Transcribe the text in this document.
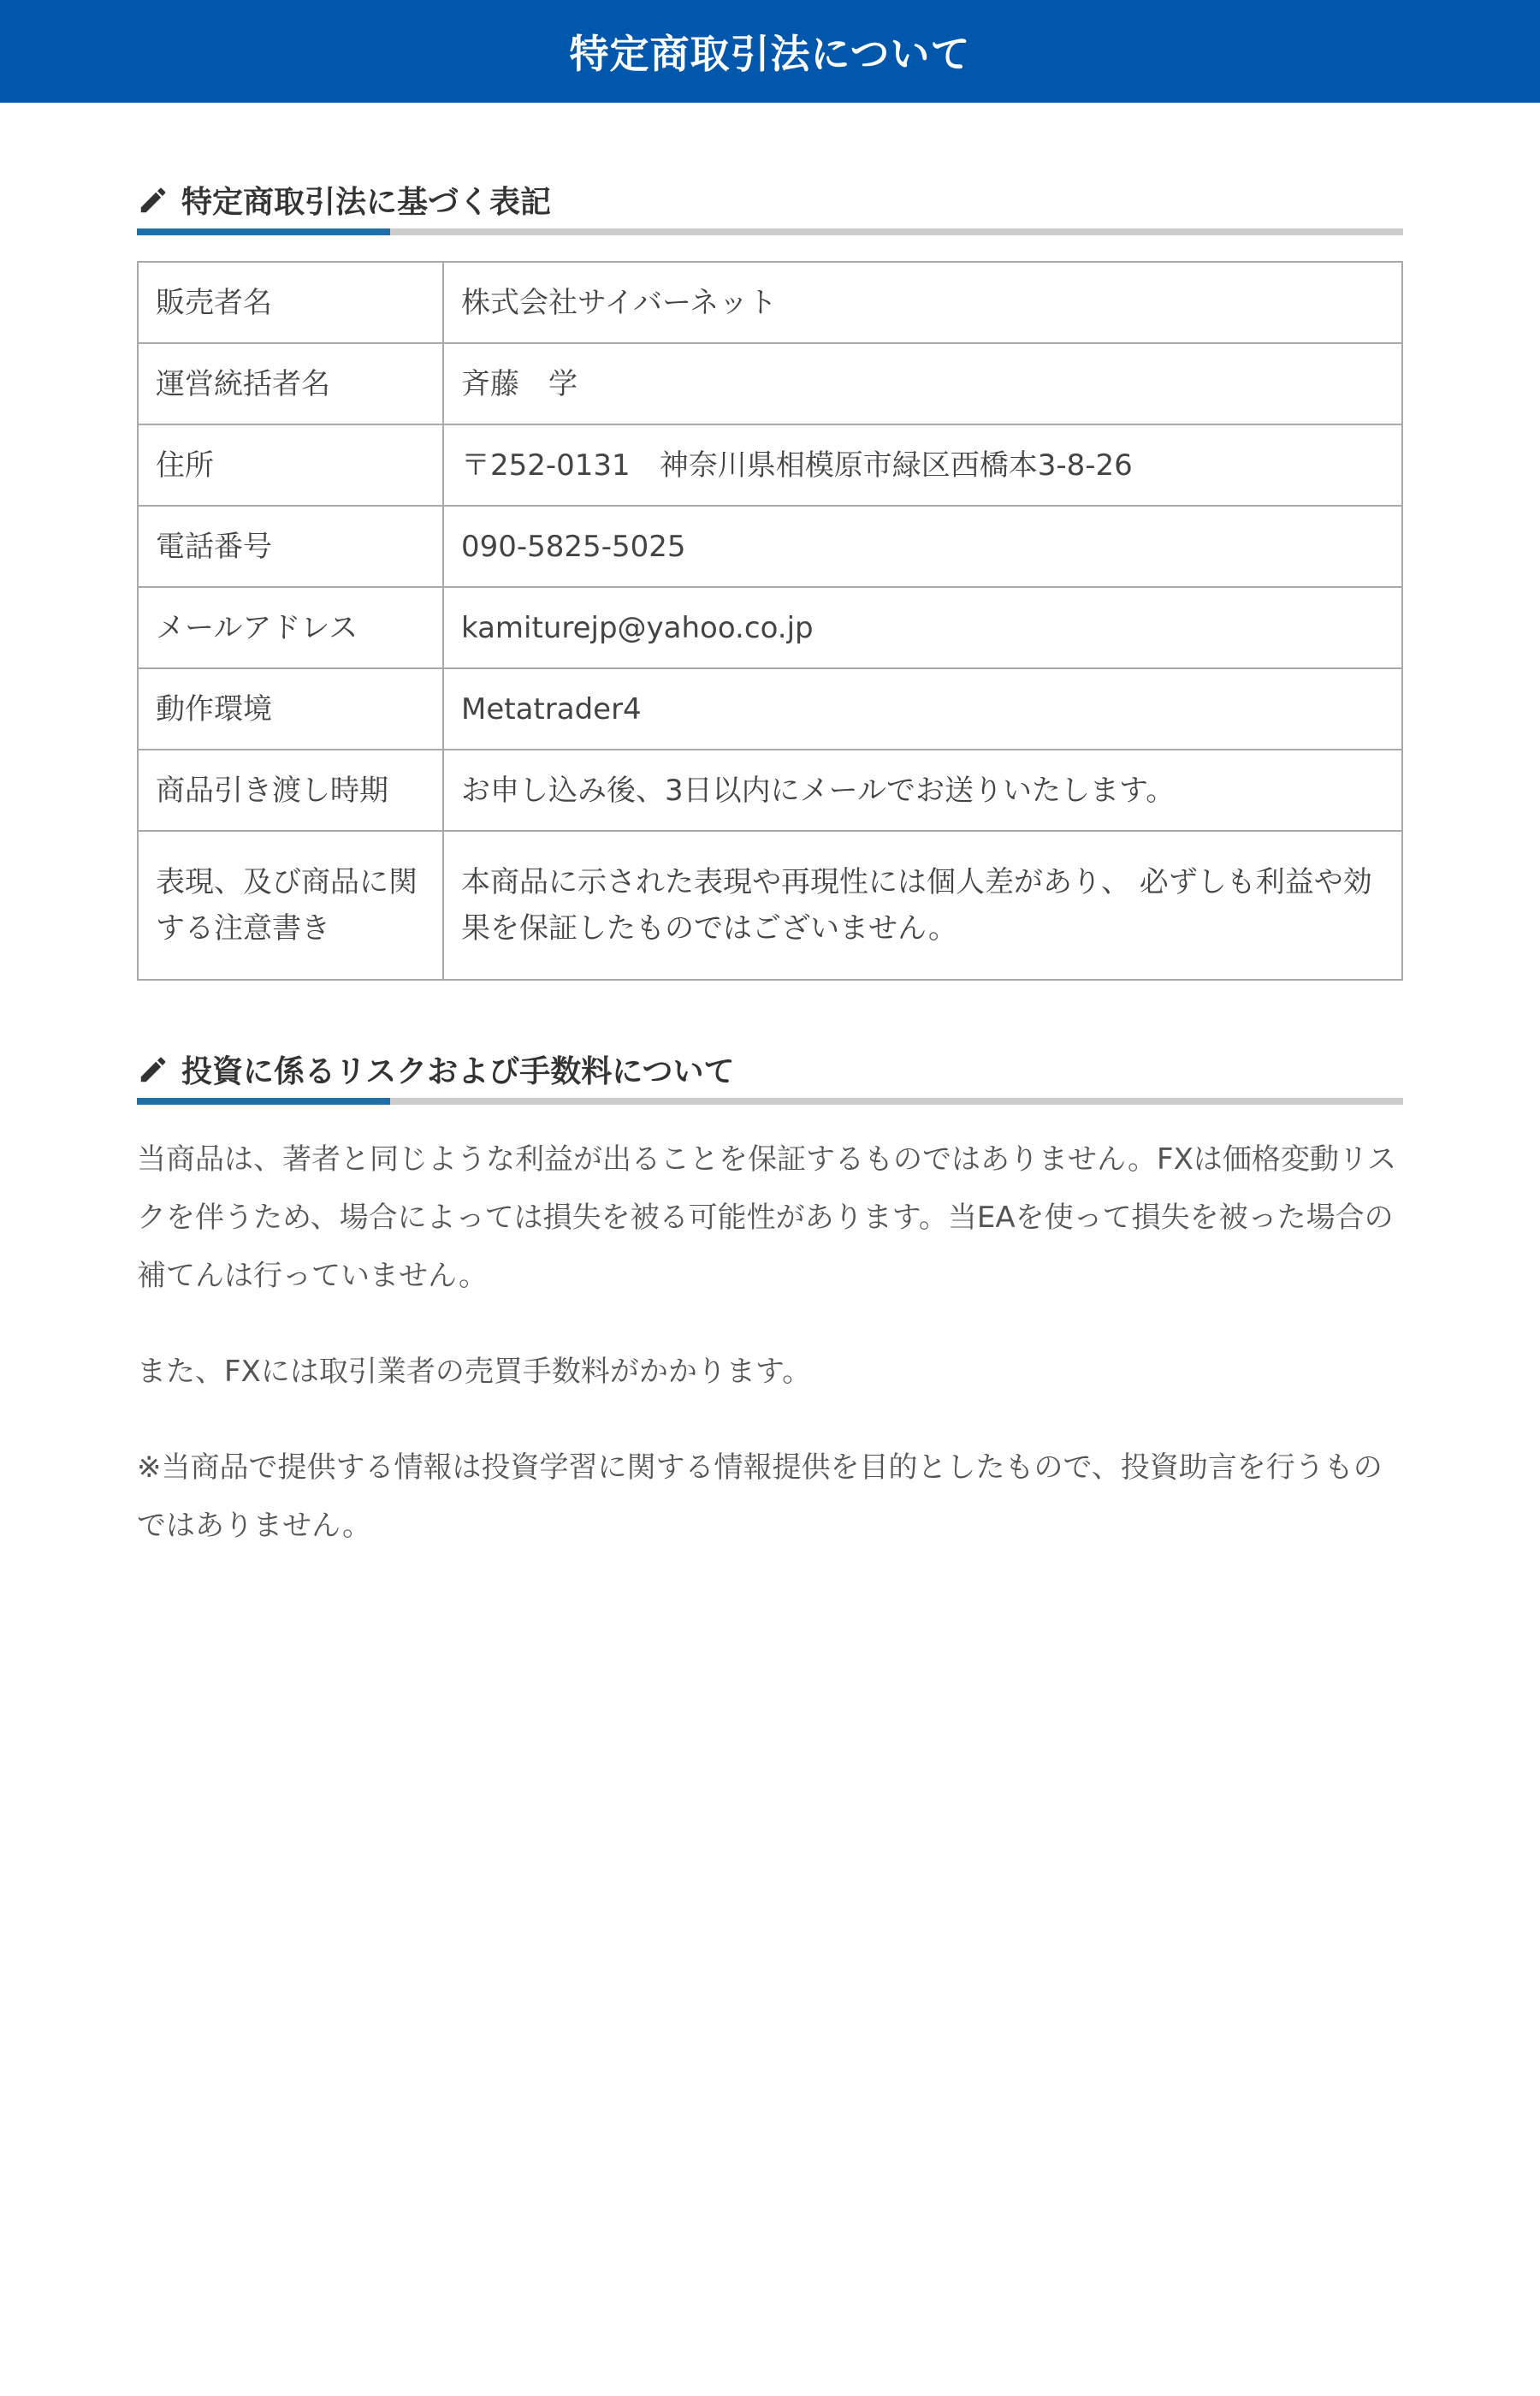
特定商取引法について
特定商取引法に基づく表記
販売者名	株式会社サイバーネット
運営統括者名	斉藤　学
住所	〒252-0131　神奈川県相模原市緑区西橋本3-8-26
電話番号	090-5825-5025
メールアドレス	kamiturejp@yahoo.co.jp
動作環境	Metatrader4
商品引き渡し時期	お申し込み後、3日以内にメールでお送りいたします。
表現、及び商品に関する注意書き	本商品に示された表現や再現性には個人差があり、 必ずしも利益や効果を保証したものではございません。
投資に係るリスクおよび手数料について

当商品は、著者と同じような利益が出ることを保証するものではありません。FXは価格変動リスクを伴うため、場合によっては損失を被る可能性があります。当EAを使って損失を被った場合の補てんは行っていません。

また、FXには取引業者の売買手数料がかかります。

※当商品で提供する情報は投資学習に関する情報提供を目的としたもので、投資助言を行うものではありません。
